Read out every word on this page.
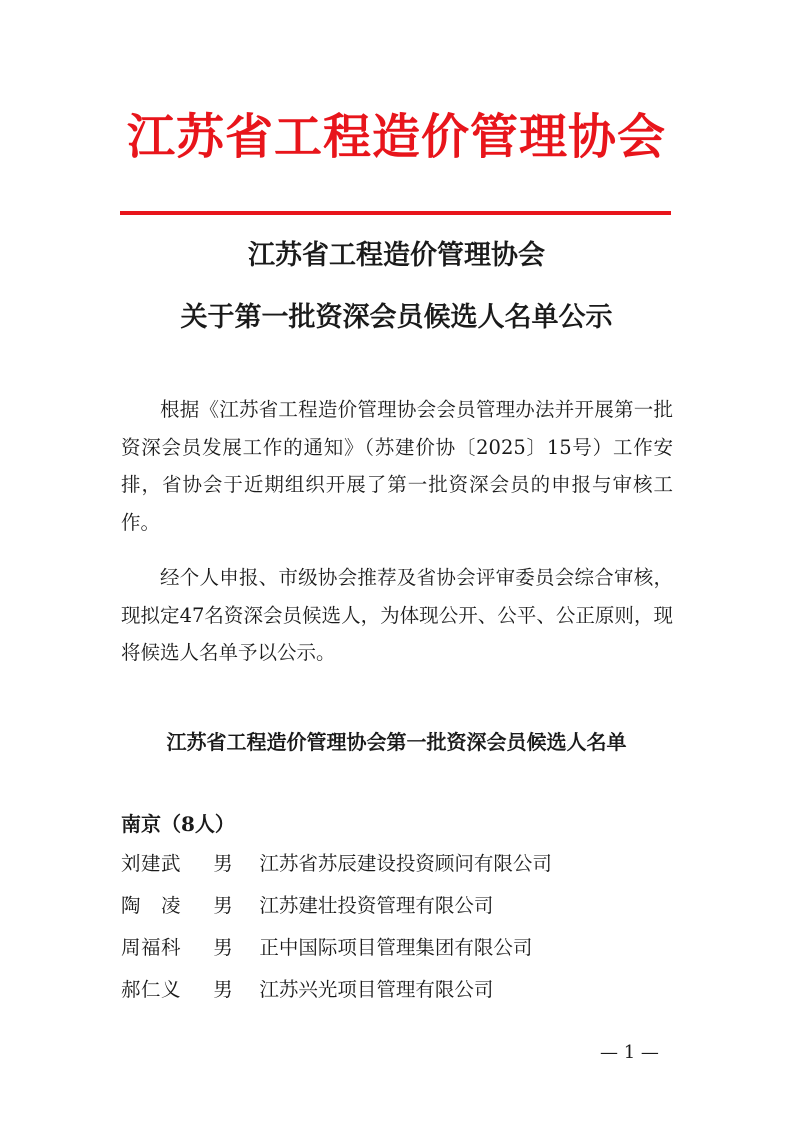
江苏省工程造价管理协会
江苏省工程造价管理协会
关于第一批资深会员候选人名单公示
根据《江苏省工程造价管理协会会员管理办法并开展第一批资深会员发展工作的通知》（苏建价协〔2025〕15号）工作安排，省协会于近期组织开展了第一批资深会员的申报与审核工作。
经个人申报、市级协会推荐及省协会评审委员会综合审核，现拟定47名资深会员候选人，为体现公开、公平、公正原则，现将候选人名单予以公示。
江苏省工程造价管理协会第一批资深会员候选人名单
南京（8人）
刘建武 男 江苏省苏辰建设投资顾问有限公司
陶　凌 男 江苏建壮投资管理有限公司
周福科 男 正中国际项目管理集团有限公司
郝仁义 男 江苏兴光项目管理有限公司
— 1 —
